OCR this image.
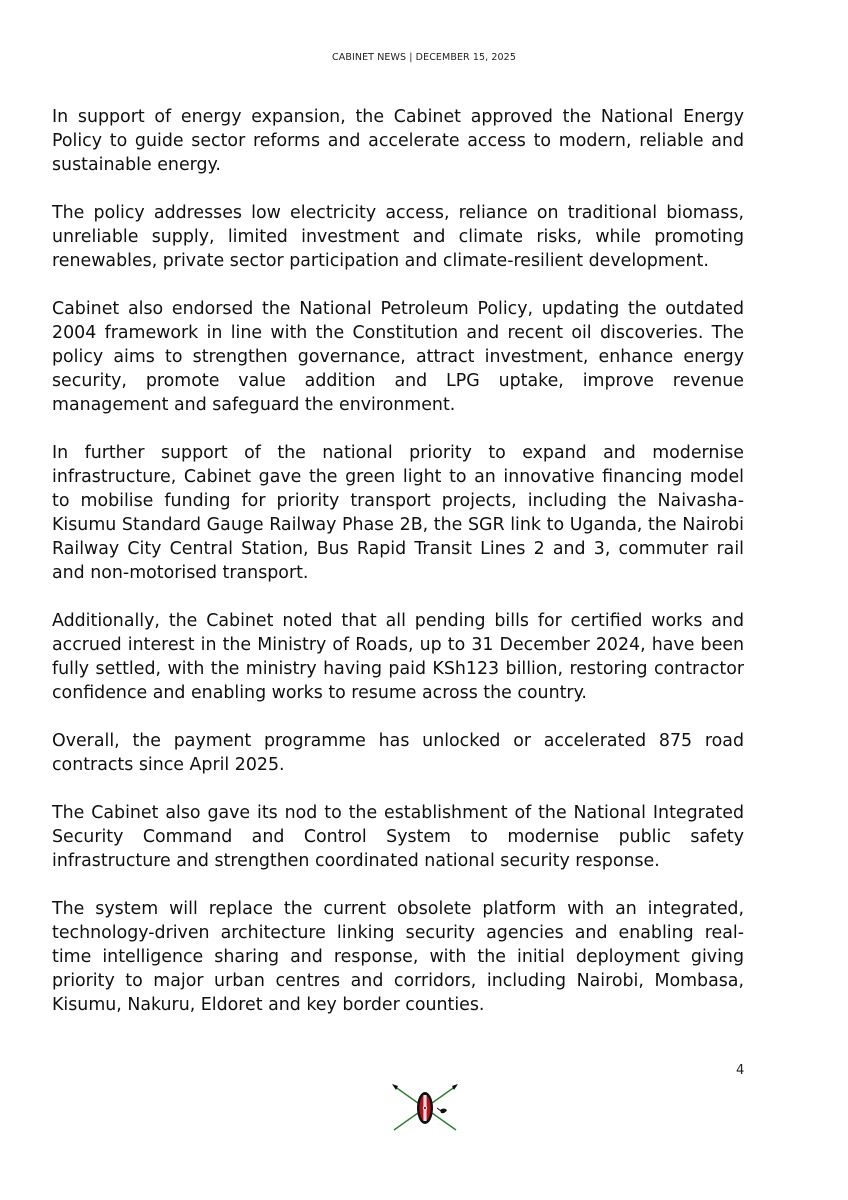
CABINET NEWS | DECEMBER 15, 2025

In support of energy expansion, the Cabinet approved the National Energy Policy to guide sector reforms and accelerate access to modern, reliable and sustainable energy.

The policy addresses low electricity access, reliance on traditional biomass, unreliable supply, limited investment and climate risks, while promoting renewables, private sector participation and climate-resilient development.

Cabinet also endorsed the National Petroleum Policy, updating the outdated 2004 framework in line with the Constitution and recent oil discoveries. The policy aims to strengthen governance, attract investment, enhance energy security, promote value addition and LPG uptake, improve revenue management and safeguard the environment.

In further support of the national priority to expand and modernise infrastructure, Cabinet gave the green light to an innovative financing model to mobilise funding for priority transport projects, including the Naivasha-Kisumu Standard Gauge Railway Phase 2B, the SGR link to Uganda, the Nairobi Railway City Central Station, Bus Rapid Transit Lines 2 and 3, commuter rail and non-motorised transport.

Additionally, the Cabinet noted that all pending bills for certified works and accrued interest in the Ministry of Roads, up to 31 December 2024, have been fully settled, with the ministry having paid KSh123 billion, restoring contractor confidence and enabling works to resume across the country.

Overall, the payment programme has unlocked or accelerated 875 road contracts since April 2025.

The Cabinet also gave its nod to the establishment of the National Integrated Security Command and Control System to modernise public safety infrastructure and strengthen coordinated national security response.

The system will replace the current obsolete platform with an integrated, technology-driven architecture linking security agencies and enabling real-time intelligence sharing and response, with the initial deployment giving priority to major urban centres and corridors, including Nairobi, Mombasa, Kisumu, Nakuru, Eldoret and key border counties.

4
